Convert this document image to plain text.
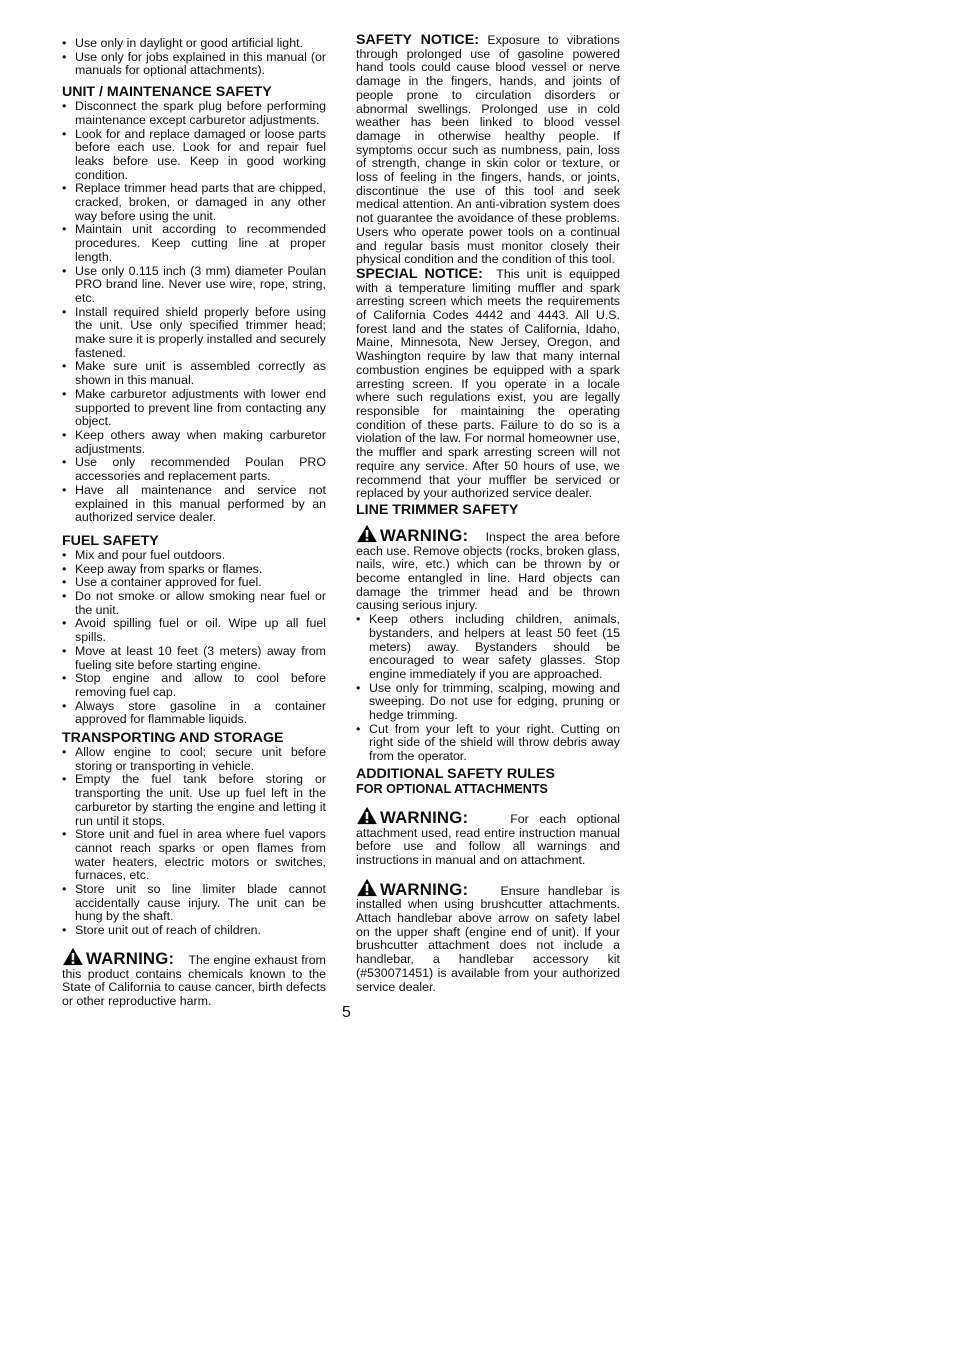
• Use only in daylight or good artificial light.
• Use only for jobs explained in this manual (or manuals for optional attachments).
UNIT / MAINTENANCE SAFETY
• Disconnect the spark plug before performing maintenance except carburetor adjustments.
• Look for and replace damaged or loose parts before each use. Look for and repair fuel leaks before use. Keep in good working condition.
• Replace trimmer head parts that are chipped, cracked, broken, or damaged in any other way before using the unit.
• Maintain unit according to recommended procedures. Keep cutting line at proper length.
• Use only 0.115 inch (3 mm) diameter Poulan PRO brand line. Never use wire, rope, string, etc.
• Install required shield properly before using the unit. Use only specified trimmer head; make sure it is properly installed and securely fastened.
• Make sure unit is assembled correctly as shown in this manual.
• Make carburetor adjustments with lower end supported to prevent line from contacting any object.
• Keep others away when making carburetor adjustments.
• Use only recommended Poulan PRO accessories and replacement parts.
• Have all maintenance and service not explained in this manual performed by an authorized service dealer.
FUEL SAFETY
• Mix and pour fuel outdoors.
• Keep away from sparks or flames.
• Use a container approved for fuel.
• Do not smoke or allow smoking near fuel or the unit.
• Avoid spilling fuel or oil. Wipe up all fuel spills.
• Move at least 10 feet (3 meters) away from fueling site before starting engine.
• Stop engine and allow to cool before removing fuel cap.
• Always store gasoline in a container approved for flammable liquids.
TRANSPORTING AND STORAGE
• Allow engine to cool; secure unit before storing or transporting in vehicle.
• Empty the fuel tank before storing or transporting the unit. Use up fuel left in the carburetor by starting the engine and letting it run until it stops.
• Store unit and fuel in area where fuel vapors cannot reach sparks or open flames from water heaters, electric motors or switches, furnaces, etc.
• Store unit so line limiter blade cannot accidentally cause injury. The unit can be hung by the shaft.
• Store unit out of reach of children.

WARNING: The engine exhaust from this product contains chemicals known to the State of California to cause cancer, birth defects or other reproductive harm.

SAFETY NOTICE: Exposure to vibrations through prolonged use of gasoline powered hand tools could cause blood vessel or nerve damage in the fingers, hands, and joints of people prone to circulation disorders or abnormal swellings. Prolonged use in cold weather has been linked to blood vessel damage in otherwise healthy people. If symptoms occur such as numbness, pain, loss of strength, change in skin color or texture, or loss of feeling in the fingers, hands, or joints, discontinue the use of this tool and seek medical attention. An anti-vibration system does not guarantee the avoidance of these problems. Users who operate power tools on a continual and regular basis must monitor closely their physical condition and the condition of this tool.

SPECIAL NOTICE: This unit is equipped with a temperature limiting muffler and spark arresting screen which meets the requirements of California Codes 4442 and 4443. All U.S. forest land and the states of California, Idaho, Maine, Minnesota, New Jersey, Oregon, and Washington require by law that many internal combustion engines be equipped with a spark arresting screen. If you operate in a locale where such regulations exist, you are legally responsible for maintaining the operating condition of these parts. Failure to do so is a violation of the law. For normal homeowner use, the muffler and spark arresting screen will not require any service. After 50 hours of use, we recommend that your muffler be serviced or replaced by your authorized service dealer.

LINE TRIMMER SAFETY

WARNING: Inspect the area before each use. Remove objects (rocks, broken glass, nails, wire, etc.) which can be thrown by or become entangled in line. Hard objects can damage the trimmer head and be thrown causing serious injury.

• Keep others including children, animals, bystanders, and helpers at least 50 feet (15 meters) away. Bystanders should be encouraged to wear safety glasses. Stop engine immediately if you are approached.
• Use only for trimming, scalping, mowing and sweeping. Do not use for edging, pruning or hedge trimming.
• Cut from your left to your right. Cutting on right side of the shield will throw debris away from the operator.
ADDITIONAL SAFETY RULES
FOR OPTIONAL ATTACHMENTS

WARNING:	For each optional attachment used, read entire instruction manual before use and follow all warnings and instructions in manual and on attachment.

WARNING:	Ensure handlebar is installed when using brushcutter attachments. Attach handlebar above arrow on safety label on the upper shaft (engine end of unit). If your brushcutter attachment does not include a handlebar, a handlebar accessory kit (#530071451) is available from your authorized service dealer.

5
